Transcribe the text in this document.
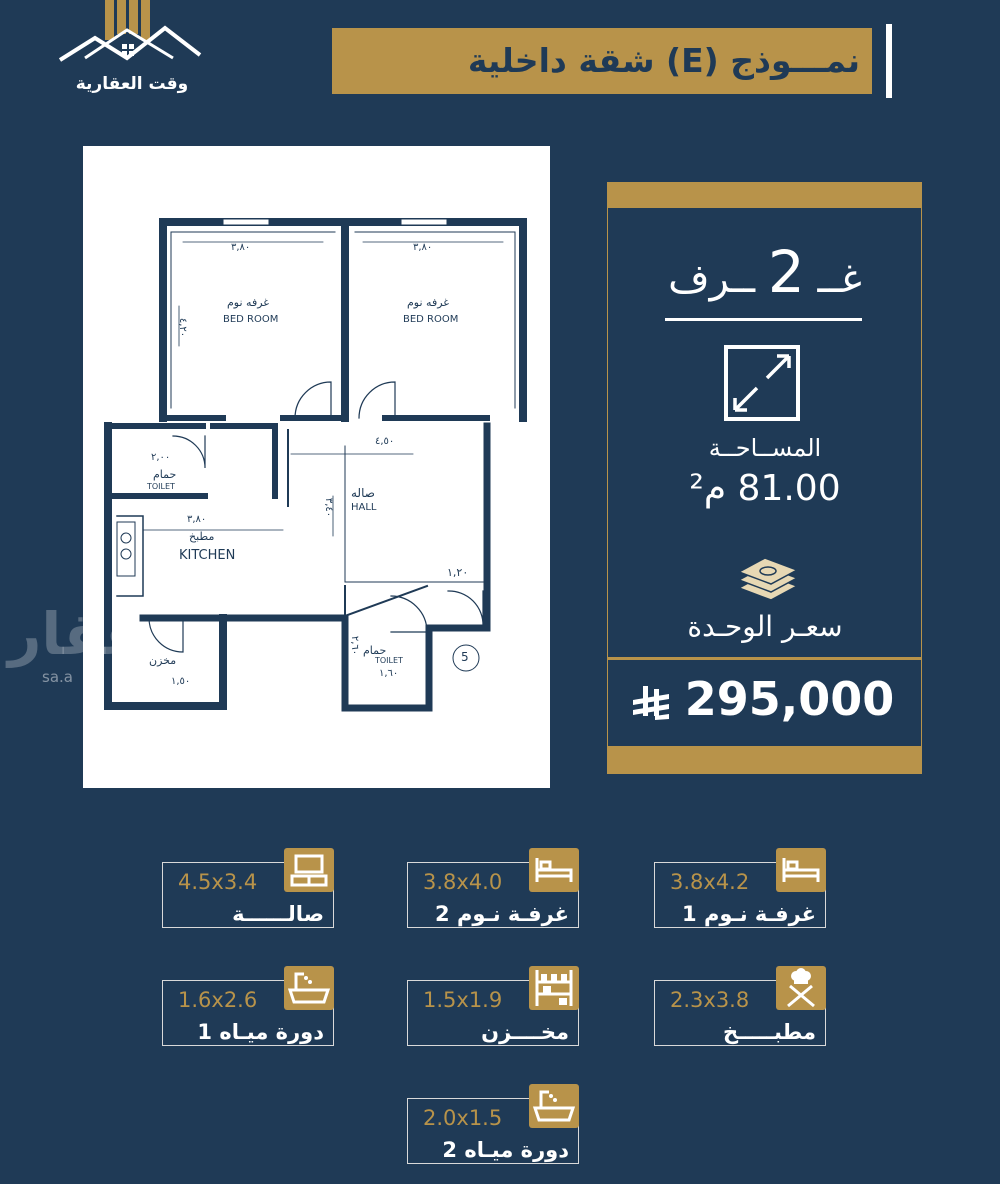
وقت العقارية
نمـــوذج (E) شقة داخلية
٣,٨٠	٣,٨٠
٤,٢٠
غرفه نوم
BED ROOM
غرفه نوم
BED ROOM
٢,٠٠
حمام
TOILET
٤,٥٠
٣,٤٠
صاله
HALL
٣,٨٠
مطبخ
KITCHEN
١,٢٠
مخزن
١,٥٠
حمام
TOILET
١,٦٠
٢,٦٠
5
عقار
sa.a
غــ 2 ــرف
المســاحــة
81.00 م²
سعـر الوحـدة
295,000
3.8x4.2
غرفـة نـوم 1
3.8x4.0
غرفـة نـوم 2
4.5x3.4
صالــــــة
2.3x3.8
مطبـــــخ
1.5x1.9
مخــــزن
1.6x2.6
دورة ميـاه 1
2.0x1.5
دورة ميـاه 2
